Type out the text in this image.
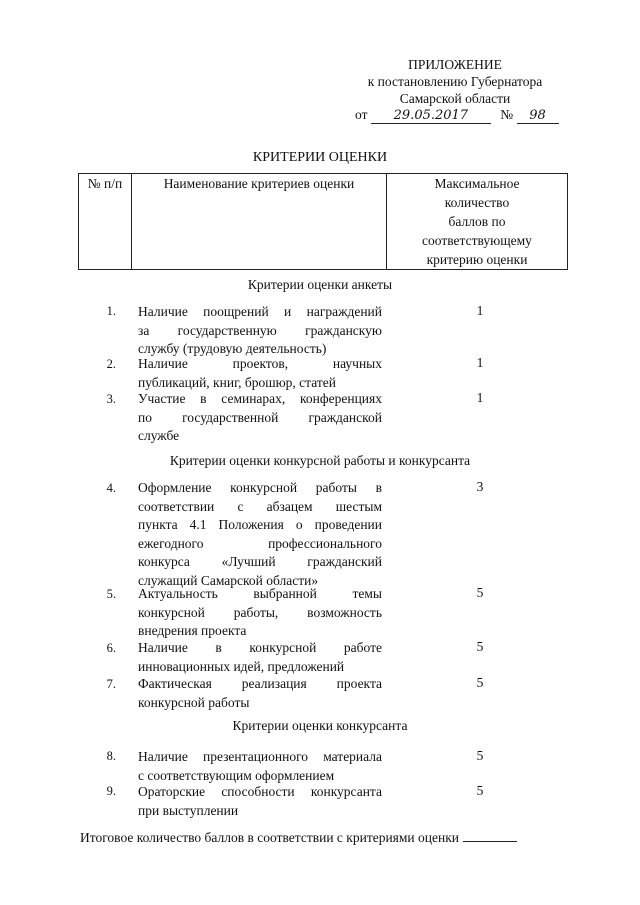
ПРИЛОЖЕНИЕ
к постановлению Губернатора
Самарской области
от 29.05.2017 № 98
КРИТЕРИИ ОЦЕНКИ
№ п/п	Наименование критериев оценки	Максимальное
количество
баллов по
соответствующему
критерию оценки
Критерии оценки анкеты
1. Наличие поощрений и награждений
за государственную гражданскую
службу (трудовую деятельность)
1
2. Наличие проектов, научных
публикаций, книг, брошюр, статей
1
3. Участие в семинарах, конференциях
по государственной гражданской
службе
1
Критерии оценки конкурсной работы и конкурсанта
4. Оформление конкурсной работы в
соответствии с абзацем шестым
пункта 4.1 Положения о проведении
ежегодного профессионального
конкурса «Лучший гражданский
служащий Самарской области»
3
5. Актуальность выбранной темы
конкурсной работы, возможность
внедрения проекта
5
6. Наличие в конкурсной работе
инновационных идей, предложений
5
7. Фактическая реализация проекта
конкурсной работы
5
Критерии оценки конкурсанта
8. Наличие презентационного материала
с соответствующим оформлением
5
9. Ораторские способности конкурсанта
при выступлении
5
Итоговое количество баллов в соответствии с критериями оценки
